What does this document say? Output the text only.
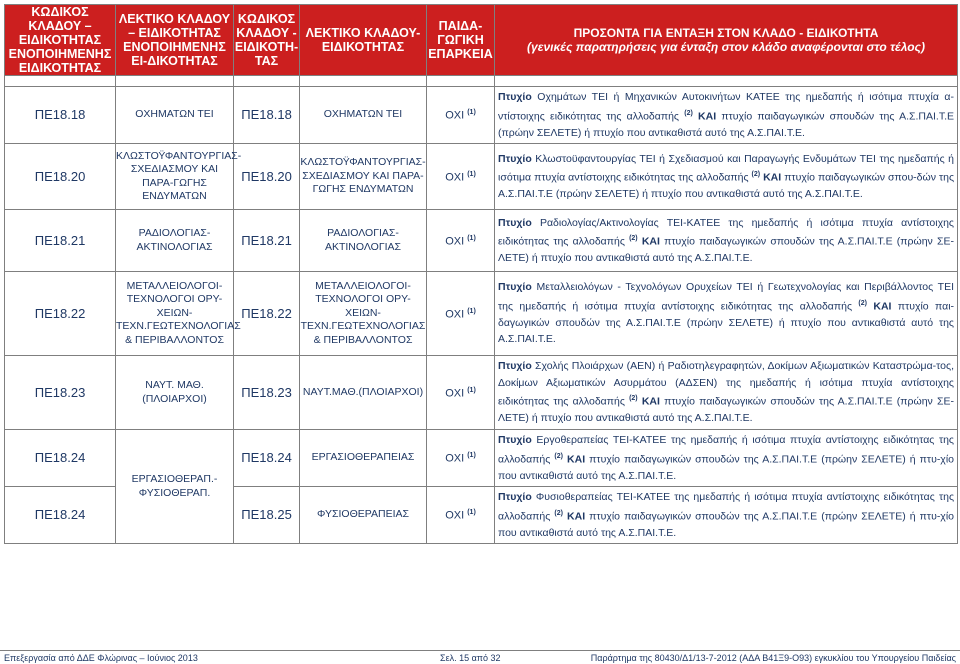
ΚΩΔΙΚΟΣ ΚΛΑΔΟΥ – ΕΙΔΙΚΟΤΗΤΑΣ ΕΝΟΠΟΙΗΜΕΝΗΣ ΕΙΔΙΚΟΤΗΤΑΣ	ΛΕΚΤΙΚΟ ΚΛΑΔΟΥ – ΕΙΔΙΚΟΤΗΤΑΣ ΕΝΟΠΟΙΗΜΕΝΗΣ ΕΙ-ΔΙΚΟΤΗΤΑΣ	ΚΩΔΙΚΟΣ ΚΛΑΔΟΥ - ΕΙΔΙΚΟΤΗ-ΤΑΣ	ΛΕΚΤΙΚΟ ΚΛΑΔΟΥ-ΕΙΔΙΚΟΤΗΤΑΣ	ΠΑΙΔΑ-ΓΩΓΙΚΗ ΕΠΑΡΚΕΙΑ	ΠΡΟΣΟΝΤΑ ΓΙΑ ΕΝΤΑΞΗ ΣΤΟΝ ΚΛΑΔΟ - ΕΙΔΙΚΟΤΗΤΑ
(γενικές παρατηρήσεις για ένταξη στον κλάδο αναφέρονται στο τέλος)

ΠΕ18.18	ΟΧΗΜΑΤΩΝ ΤΕΙ	ΠΕ18.18	ΟΧΗΜΑΤΩΝ ΤΕΙ	ΟΧΙ $^{(1)}$	Πτυχίο Οχημάτων ΤΕΙ ή Μηχανικών Αυτοκινήτων ΚΑΤΕΕ της ημεδαπής ή ισότιμα πτυχία α-ντίστοιχης ειδικότητας της αλλοδαπής $^{(2)}$ ΚΑΙ πτυχίο παιδαγωγικών σπουδών της Α.Σ.ΠΑΙ.Τ.Ε (πρώην ΣΕΛΕΤΕ) ή πτυχίο που αντικαθιστά αυτό της Α.Σ.ΠΑΙ.Τ.Ε.
ΠΕ18.20	ΚΛΩΣΤΟΫΦΑΝΤΟΥΡΓΙΑΣ-ΣΧΕΔΙΑΣΜΟΥ ΚΑΙ ΠΑΡΑ-ΓΩΓΗΣ ΕΝΔΥΜΑΤΩΝ	ΠΕ18.20	ΚΛΩΣΤΟΫΦΑΝΤΟΥΡΓΙΑΣ-ΣΧΕΔΙΑΣΜΟΥ ΚΑΙ ΠΑΡΑ-ΓΩΓΗΣ ΕΝΔΥΜΑΤΩΝ	ΟΧΙ $^{(1)}$	Πτυχίο Κλωστοϋφαντουργίας ΤΕΙ ή Σχεδιασμού και Παραγωγής Ενδυμάτων ΤΕΙ της ημεδαπής ή ισότιμα πτυχία αντίστοιχης ειδικότητας της αλλοδαπής $^{(2)}$ ΚΑΙ πτυχίο παιδαγωγικών σπου-δών της Α.Σ.ΠΑΙ.Τ.Ε (πρώην ΣΕΛΕΤΕ) ή πτυχίο που αντικαθιστά αυτό της Α.Σ.ΠΑΙ.Τ.Ε.
ΠΕ18.21	ΡΑΔΙΟΛΟΓΙΑΣ-ΑΚΤΙΝΟΛΟΓΙΑΣ	ΠΕ18.21	ΡΑΔΙΟΛΟΓΙΑΣ-ΑΚΤΙΝΟΛΟΓΙΑΣ	ΟΧΙ $^{(1)}$	Πτυχίο Ραδιολογίας/Ακτινολογίας ΤΕΙ-ΚΑΤΕΕ της ημεδαπής ή ισότιμα πτυχία αντίστοιχης ειδικότητας της αλλοδαπής $^{(2)}$ ΚΑΙ πτυχίο παιδαγωγικών σπουδών της Α.Σ.ΠΑΙ.Τ.Ε (πρώην ΣΕ-ΛΕΤΕ) ή πτυχίο που αντικαθιστά αυτό της Α.Σ.ΠΑΙ.Τ.Ε.
ΠΕ18.22	ΜΕΤΑΛΛΕΙΟΛΟΓΟΙ-ΤΕΧΝΟΛΟΓΟΙ ΟΡΥ-ΧΕΙΩΝ-ΤΕΧΝ.ΓΕΩΤΕΧΝΟΛΟΓΙΑΣ & ΠΕΡΙΒΑΛΛΟΝΤΟΣ	ΠΕ18.22	ΜΕΤΑΛΛΕΙΟΛΟΓΟΙ-ΤΕΧΝΟΛΟΓΟΙ ΟΡΥ-ΧΕΙΩΝ-ΤΕΧΝ.ΓΕΩΤΕΧΝΟΛΟΓΙΑΣ & ΠΕΡΙΒΑΛΛΟΝΤΟΣ	ΟΧΙ $^{(1)}$	Πτυχίο Μεταλλειολόγων - Τεχνολόγων Ορυχείων ΤΕΙ ή Γεωτεχνολογίας και Περιβάλλοντος ΤΕΙ της ημεδαπής ή ισότιμα πτυχία αντίστοιχης ειδικότητας της αλλοδαπής $^{(2)}$ ΚΑΙ πτυχίο παι-δαγωγικών σπουδών της Α.Σ.ΠΑΙ.Τ.Ε (πρώην ΣΕΛΕΤΕ) ή πτυχίο που αντικαθιστά αυτό της Α.Σ.ΠΑΙ.Τ.Ε.
ΠΕ18.23	ΝΑΥΤ. ΜΑΘ. (ΠΛΟΙΑΡΧΟΙ)	ΠΕ18.23	ΝΑΥΤ.ΜΑΘ.(ΠΛΟΙΑΡΧΟΙ)	ΟΧΙ $^{(1)}$	Πτυχίο Σχολής Πλοιάρχων (ΑΕΝ) ή Ραδιοτηλεγραφητών, Δοκίμων Αξιωματικών Καταστρώμα-τος, Δοκίμων Αξιωματικών Ασυρμάτου (ΑΔΣΕΝ) της ημεδαπής ή ισότιμα πτυχία αντίστοιχης ειδικότητας της αλλοδαπής $^{(2)}$ ΚΑΙ πτυχίο παιδαγωγικών σπουδών της Α.Σ.ΠΑΙ.Τ.Ε (πρώην ΣΕ-ΛΕΤΕ) ή πτυχίο που αντικαθιστά αυτό της Α.Σ.ΠΑΙ.Τ.Ε.
ΠΕ18.24	ΕΡΓΑΣΙΟΘΕΡΑΠ.-ΦΥΣΙΟΘΕΡΑΠ.	ΠΕ18.24	ΕΡΓΑΣΙΟΘΕΡΑΠΕΙΑΣ	ΟΧΙ $^{(1)}$	Πτυχίο Εργοθεραπείας ΤΕΙ-ΚΑΤΕΕ της ημεδαπής ή ισότιμα πτυχία αντίστοιχης ειδικότητας της αλλοδαπής $^{(2)}$ ΚΑΙ πτυχίο παιδαγωγικών σπουδών της Α.Σ.ΠΑΙ.Τ.Ε (πρώην ΣΕΛΕΤΕ) ή πτυ-χίο που αντικαθιστά αυτό της Α.Σ.ΠΑΙ.Τ.Ε.
ΠΕ18.24		ΠΕ18.25	ΦΥΣΙΟΘΕΡΑΠΕΙΑΣ	ΟΧΙ $^{(1)}$	Πτυχίο Φυσιοθεραπείας ΤΕΙ-ΚΑΤΕΕ της ημεδαπής ή ισότιμα πτυχία αντίστοιχης ειδικότητας της αλλοδαπής $^{(2)}$ ΚΑΙ πτυχίο παιδαγωγικών σπουδών της Α.Σ.ΠΑΙ.Τ.Ε (πρώην ΣΕΛΕΤΕ) ή πτυ-χίο που αντικαθιστά αυτό της Α.Σ.ΠΑΙ.Τ.Ε.
Επεξεργασία από ΔΔΕ Φλώρινας – Ιούνιος 2013	Σελ. 15 από 32	Παράρτημα της 80430/Δ1/13-7-2012 (ΑΔΑ Β41Ξ9-Ο93) εγκυκλίου του Υπουργείου Παιδείας
